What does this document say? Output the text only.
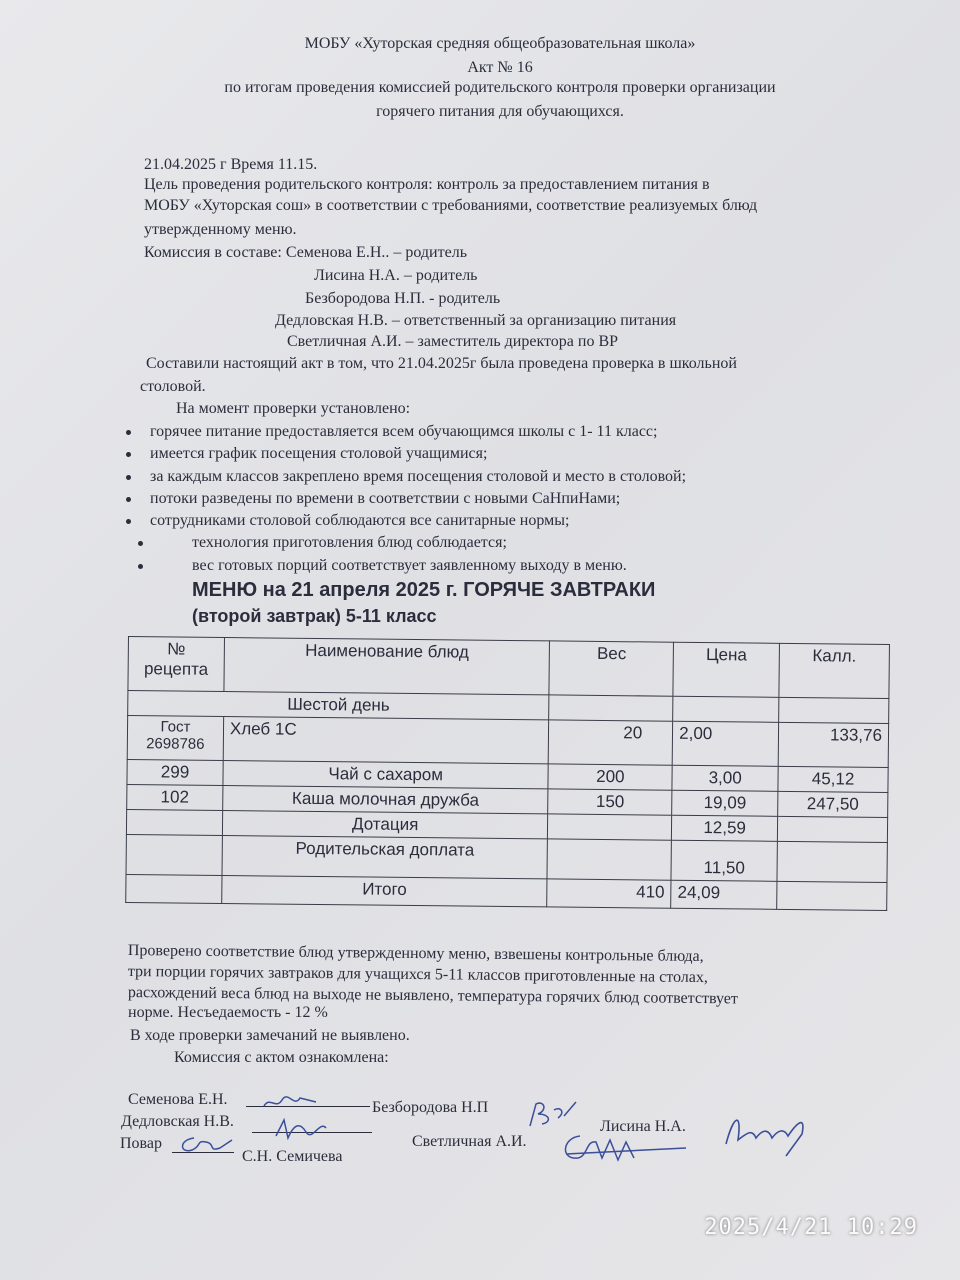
МОБУ «Хуторская средняя общеобразовательная школа»
Акт № 16
по итогам проведения комиссией родительского контроля проверки организации
горячего питания для обучающихся.
21.04.2025 г Время 11.15.
Цель проведения родительского контроля: контроль за предоставлением питания в
МОБУ «Хуторская сош» в соответствии с требованиями, соответствие реализуемых блюд
утвержденному меню.
Комиссия в составе: Семенова Е.Н.. – родитель
Лисина Н.А. – родитель
Безбородова Н.П. - родитель
Дедловская Н.В. – ответственный за организацию питания
Светличная А.И. – заместитель директора по ВР
Составили настоящий акт в том, что 21.04.2025г была проведена проверка в школьной
столовой.
На момент проверки установлено:
горячее питание предоставляется всем обучающимся школы с 1- 11 класс;
имеется график посещения столовой учащимися;
за каждым классов закреплено время посещения столовой и место в столовой;
потоки разведены по времени в соответствии с новыми СаНпиНами;
сотрудниками столовой соблюдаются все санитарные нормы;
технология приготовления блюд соблюдается;
вес готовых порций соответствует заявленному выходу в меню.
МЕНЮ на 21 апреля 2025 г. ГОРЯЧЕ ЗАВТРАКИ
(второй завтрак) 5-11 класс
№ рецепта	Наименование блюд	Вес	Цена	Калл.
Шестой день				
Гост 2698786	Хлеб 1С	20	2,00	133,76
299	Чай с сахаром	200	3,00	45,12
102	Каша молочная дружба	150	19,09	247,50
	Дотация		12,59	
	Родительская доплата		11,50	
	Итого	410	24,09	
Проверено соответствие блюд утвержденному меню, взвешены контрольные блюда,
три порции горячих завтраков для учащихся 5-11 классов приготовленные на столах,
расхождений веса блюд на выходе не выявлено, температура горячих блюд соответствует
норме. Несъедаемость - 12 %
В ходе проверки замечаний не выявлено.
Комиссия с актом ознакомлена:
Семенова Е.Н.	Безбородова Н.П
Лисина Н.А.
Дедловская Н.В.
Светличная А.И.
Повар
С.Н. Семичева
2025/4/21 10:29
